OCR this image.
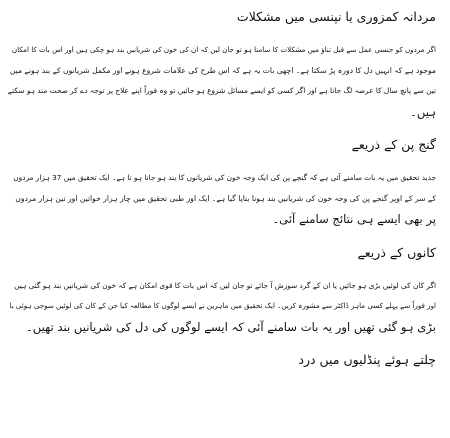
مردانہ کمزوری یا نپنسی میں مشکلات

اگر مردوں کو جنسی عمل سے قبل تناؤ میں مشکلات کا سامنا ہو تو جان لیں کہ ان کی خون کی شریانیں بند ہو چکی ہیں اور اس بات کا امکان
موجود ہے کہ انہیں دل کا دورہ پڑ سکتا ہے۔ اچھی بات یہ ہے کہ اس طرح کی علامات شروع ہونے اور مکمل شریانوں کے بند ہونے میں
تین سے پانچ سال کا عرصہ لگ جاتا ہے اور اگر کسی کو ایسے مسائل شروع ہو جائیں تو وہ فوراً اپنے علاج پر توجہ دے کر صحت مند ہو سکتے
ہیں۔

گنج پن کے ذریعے

جدید تحقیق میں یہ بات سامنے آئی ہے کہ گنجے پن کی ایک وجہ خون کی شریانوں کا بند ہو جانا ہو تا ہے۔ ایک تحقیق میں 37 ہزار مردوں
کے سر کے اوپر گنجے پن کی وجہ خون کی شریانیں بند ہونا بتایا گیا ہے۔ ایک اور طبی تحقیق میں چار ہزار خواتین اور تین ہزار مردوں
پر بھی ایسے ہی نتائج سامنے آئی۔

کانوں کے ذریعے

اگر کان کی لوئیں بڑی ہو جائیں یا ان کے گرد سوزش آ جائے تو جان لیں کہ اس بات کا قوی امکان ہے کہ خون کی شریانیں بند ہو گئی ہیں
اور فوراً سے پہلے کسی ماہر ڈاکٹر سے مشورہ کریں۔ ایک تحقیق میں ماہرین نے ایسے لوگوں کا مطالعہ کیا جن کے کان کی لوئیں سوجی ہوئی یا
بڑی ہو گئی تھیں اور یہ بات سامنے آئی کہ ایسے لوگوں کی دل کی شریانیں بند تھیں۔

چلتے ہوئے پنڈلیوں میں درد
